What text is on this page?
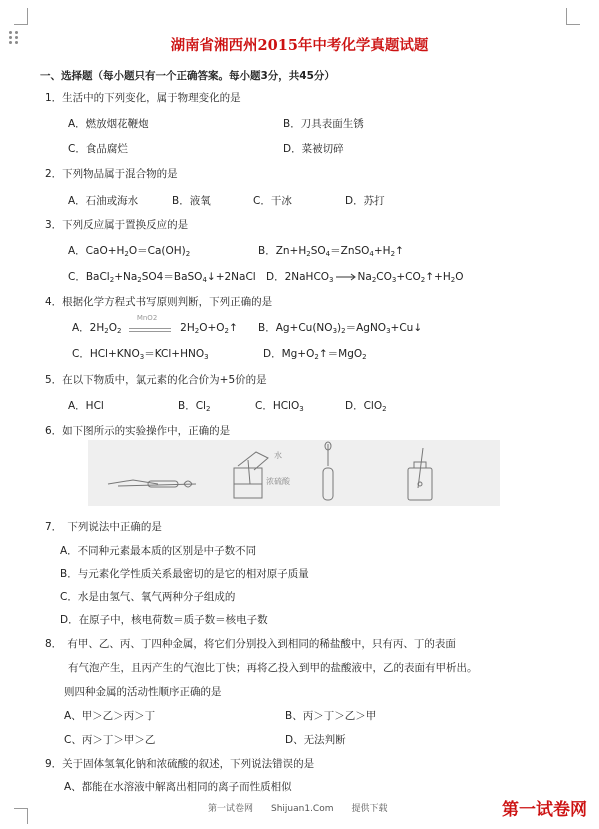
湖南省湘西州2015年中考化学真题试题
一、选择题（每小题只有一个正确答案。每小题3分，共45分）
1．生活中的下列变化，属于物理变化的是
A．燃放烟花鞭炮	B．刀具表面生锈
C．食品腐烂	D．菜被切碎
2．下列物品属于混合物的是
A．石油或海水	B．液氧	C．干冰	D．苏打
3．下列反应属于置换反应的是
A．CaO+H2O＝Ca(OH)2	B．Zn+H2SO4＝ZnSO4+H2↑
C．BaCl2+Na2SO4＝BaSO4↓+2NaCl D．2NaHCO3→Na2CO3+CO2↑+H2O
4．根据化学方程式书写原则判断，下列正确的是
A．2H2O2
MnO2
2H2O+O2↑ B．Ag+Cu(NO3)2＝AgNO3+Cu↓
C．HCl+KNO3＝KCl+HNO3	D．Mg+O2↑＝MgO2
5．在以下物质中，氯元素的化合价为+5价的是
A．HCl	B．Cl2	C．HClO3	D．ClO2
6．如下图所示的实验操作中，正确的是
水
浓硫酸
7．　下列说法中正确的是
A．不同种元素最本质的区别是中子数不同
B．与元素化学性质关系最密切的是它的相对原子质量
C．水是由氢气、氧气两种分子组成的
D．在原子中，核电荷数＝质子数＝核电子数
8．　有甲、乙、丙、丁四种金属，将它们分别投入到相同的稀盐酸中，只有丙、丁的表面
有气泡产生，且丙产生的气泡比丁快；再将乙投入到甲的盐酸液中，乙的表面有甲析出。
则四种金属的活动性顺序正确的是
A、甲＞乙＞丙＞丁	B、丙＞丁＞乙＞甲
C、丙＞丁＞甲＞乙	D、无法判断
9．关于固体氢氧化钠和浓硫酸的叙述，下列说法错误的是
A、都能在水溶液中解离出相同的离子而性质相似
第一试卷网　　Shijuan1.Com　　提供下载	第一试卷网
